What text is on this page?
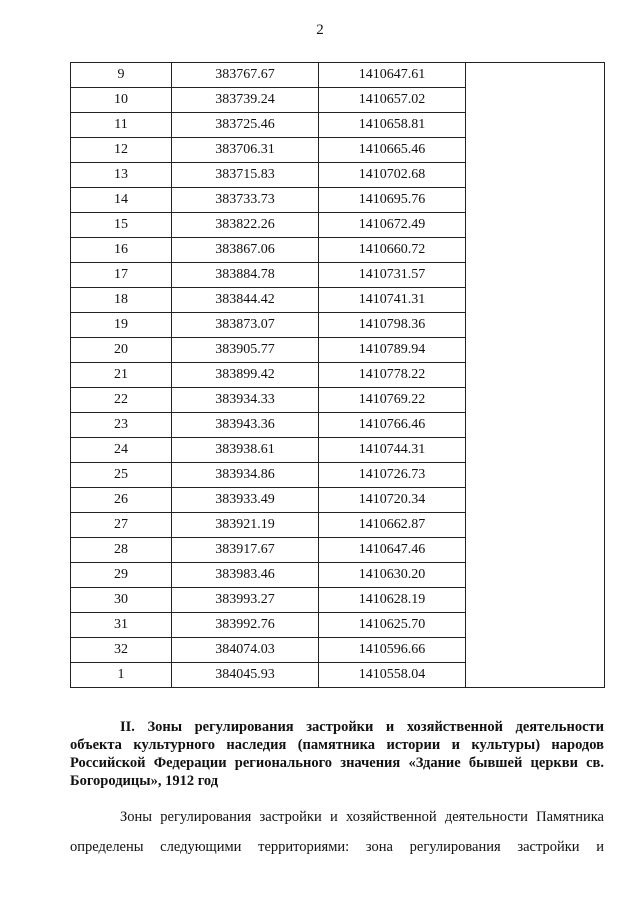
2
9	383767.67	1410647.61	
10	383739.24	1410657.02	
11	383725.46	1410658.81	
12	383706.31	1410665.46	
13	383715.83	1410702.68	
14	383733.73	1410695.76	
15	383822.26	1410672.49	
16	383867.06	1410660.72	
17	383884.78	1410731.57	
18	383844.42	1410741.31	
19	383873.07	1410798.36	
20	383905.77	1410789.94	
21	383899.42	1410778.22	
22	383934.33	1410769.22	
23	383943.36	1410766.46	
24	383938.61	1410744.31	
25	383934.86	1410726.73	
26	383933.49	1410720.34	
27	383921.19	1410662.87	
28	383917.67	1410647.46	
29	383983.46	1410630.20	
30	383993.27	1410628.19	
31	383992.76	1410625.70	
32	384074.03	1410596.66	
1	384045.93	1410558.04	
II. Зоны регулирования застройки и хозяйственной деятельности объекта культурного наследия (памятника истории и культуры) народов Российской Федерации регионального значения «Здание бывшей церкви св. Богородицы», 1912 год
Зоны регулирования застройки и хозяйственной деятельности Памятника определены следующими территориями: зона регулирования застройки и
